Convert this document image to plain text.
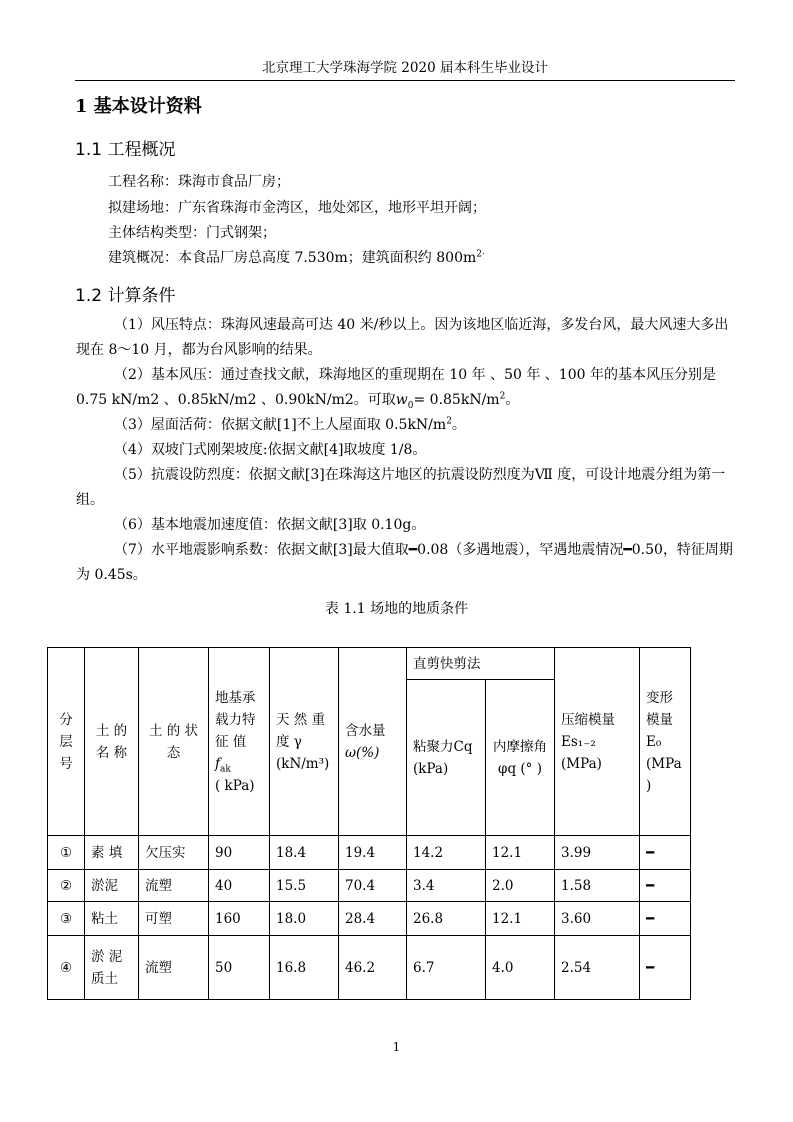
北京理工大学珠海学院 2020 届本科生毕业设计
1 基本设计资料
1.1 工程概况
工程名称：珠海市食品厂房；
拟建场地：广东省珠海市金湾区，地处郊区，地形平坦开阔；
主体结构类型：门式钢架；
建筑概况：本食品厂房总高度 7.530m；建筑面积约 $800m^{2\cdot}$
1.2 计算条件

（1）风压特点：珠海风速最高可达 40 米/秒以上。因为该地区临近海，多发台风，最大风速大多出现在 8～10 月，都为台风影响的结果。

（2）基本风压：通过查找文献，珠海地区的重现期在 10 年 、50 年 、100 年的基本风压分别是 0.75 kN/m2 、0.85kN/m2 、0.90kN/m2。可取$w_0= 0.85kN/m^2$。

（3）屋面活荷：依据文献[1]不上人屋面取 $0.5kN/m^2$。

（4）双坡门式刚架坡度:依据文献[4]取坡度 1/8。

（5）抗震设防烈度：依据文献[3]在珠海这片地区的抗震设防烈度为Ⅶ 度，可设计地震分组为第一组。

（6）基本地震加速度值：依据文献[3]取 0.10g。

（7）水平地震影响系数：依据文献[3]最大值取━0.08（多遇地震），罕遇地震情况━0.50，特征周期为 0.45s。

表 1.1 场地的地质条件
分层号	土 的 名 称	土 的 状 态	地基承载力特征 值
$f_{ak}$
( kPa)	天 然 重 度 γ
(kN/m³)	含水量
ω(%)	直剪快剪法		压缩模量 Es₁₋₂ (MPa)	变形模量 E₀ (MPa )
						粘聚力Cq (kPa)	内摩擦角φq (° )		
①	素 填	欠压实	90	18.4	19.4	14.2	12.1	3.99	━
②	淤泥	流塑	40	15.5	70.4	3.4	2.0	1.58	━
③	粘土	可塑	160	18.0	28.4	26.8	12.1	3.60	━
④	淤 泥 质土	流塑	50	16.8	46.2	6.7	4.0	2.54	━
1
